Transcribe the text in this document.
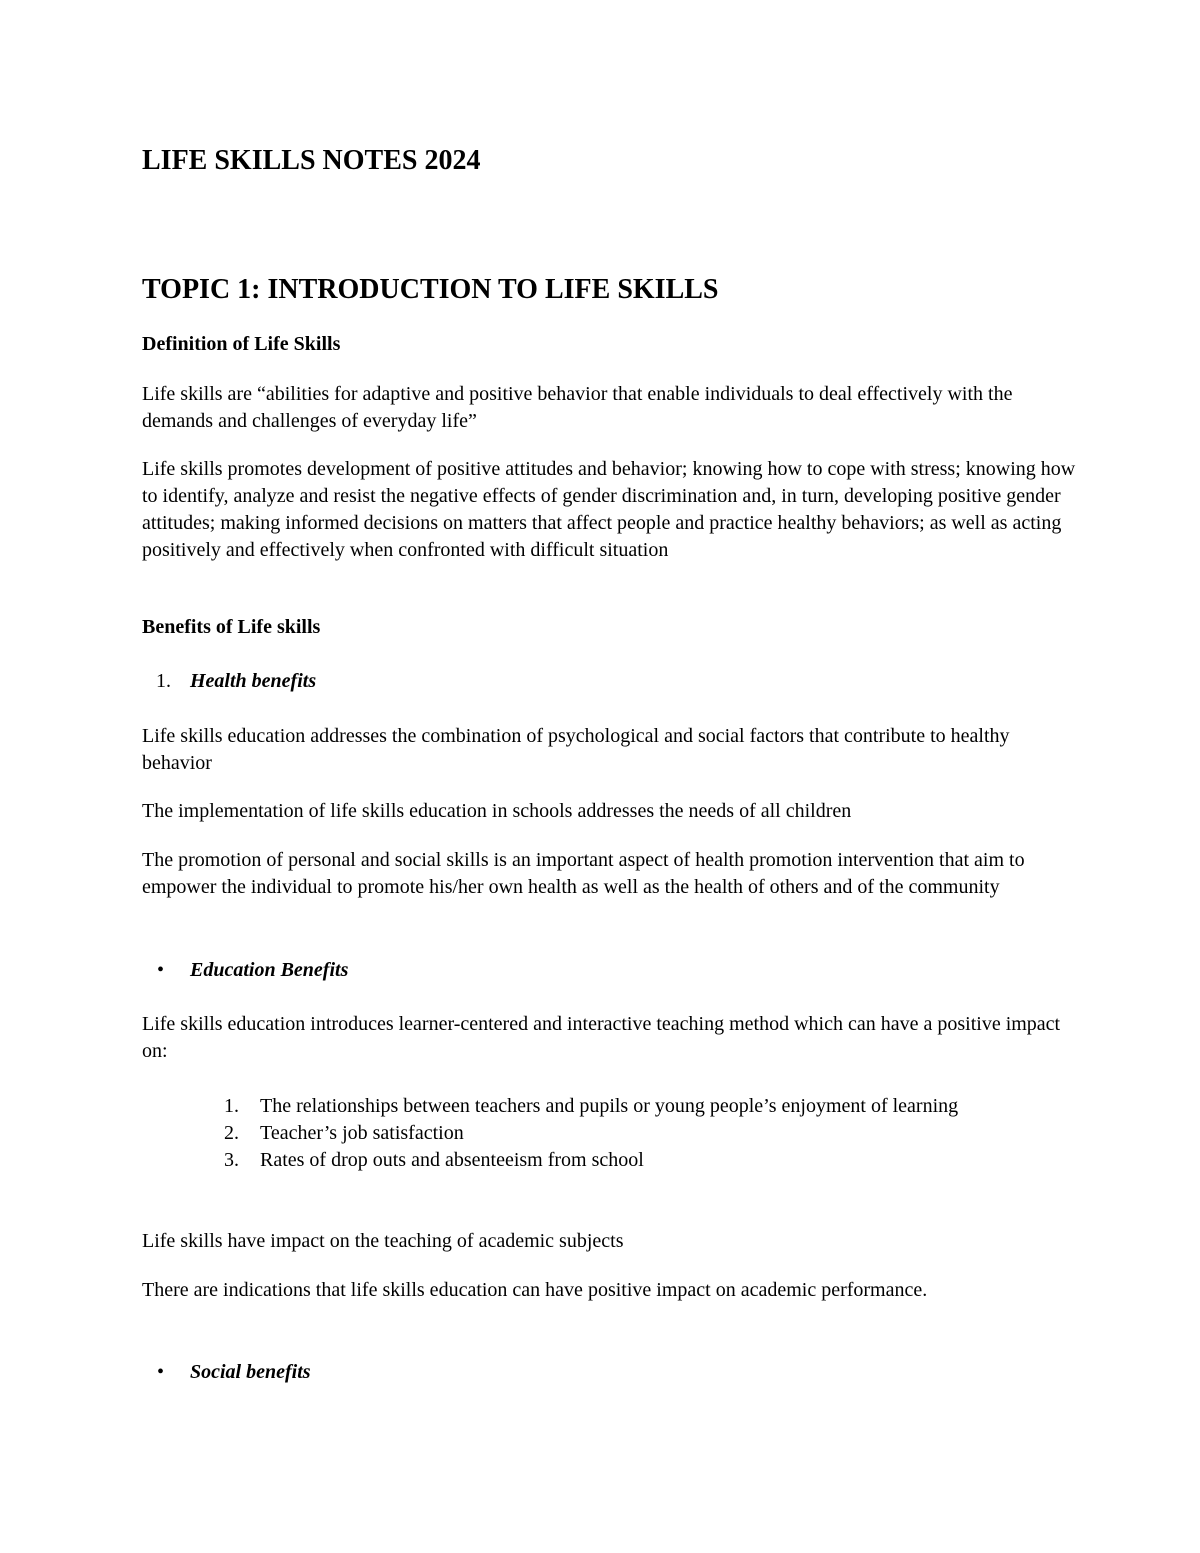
LIFE SKILLS NOTES 2024
TOPIC 1: INTRODUCTION TO LIFE SKILLS
Definition of Life Skills

Life skills are “abilities for adaptive and positive behavior that enable individuals to deal effectively with the demands and challenges of everyday life”

Life skills promotes development of positive attitudes and behavior; knowing how to cope with stress; knowing how to identify, analyze and resist the negative effects of gender discrimination and, in turn, developing positive gender attitudes; making informed decisions on matters that affect people and practice healthy behaviors; as well as acting positively and effectively when confronted with difficult situation

Benefits of Life skills

1. Health benefits

Life skills education addresses the combination of psychological and social factors that contribute to healthy behavior

The implementation of life skills education in schools addresses the needs of all children

The promotion of personal and social skills is an important aspect of health promotion intervention that aim to empower the individual to promote his/her own health as well as the health of others and of the community

• Education Benefits

Life skills education introduces learner-centered and interactive teaching method which can have a positive impact on:

1.	The relationships between teachers and pupils or young people’s enjoyment of learning
2.	Teacher’s job satisfaction
3.	Rates of drop outs and absenteeism from school

Life skills have impact on the teaching of academic subjects

There are indications that life skills education can have positive impact on academic performance.

• Social benefits
